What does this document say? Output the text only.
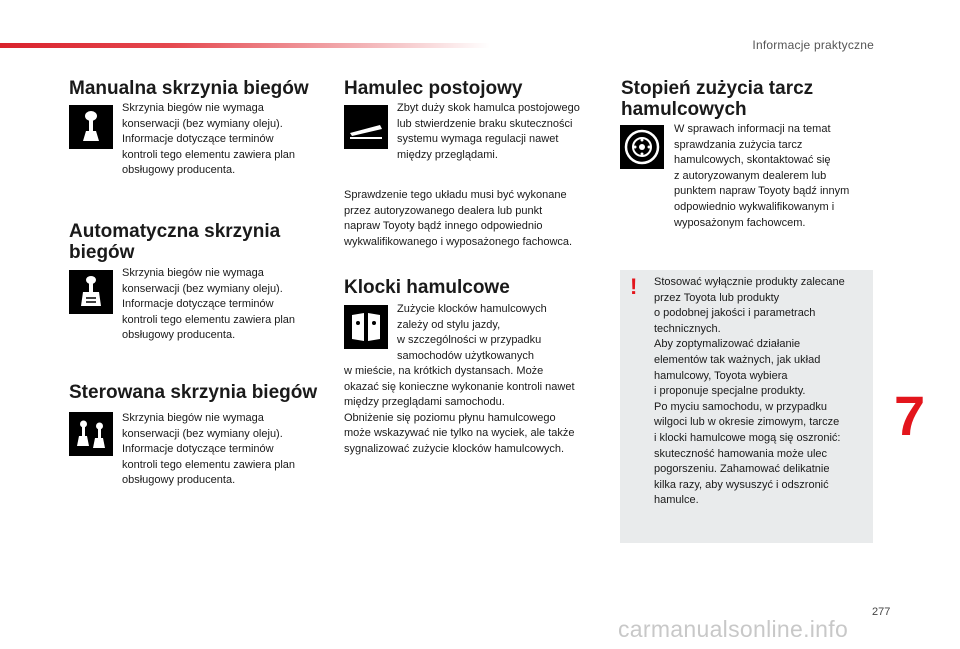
Informacje praktyczne
Manualna skrzynia biegów
Skrzynia biegów nie wymaga
konserwacji (bez wymiany oleju).
Informacje dotyczące terminów
kontroli tego elementu zawiera plan
obsługowy producenta.
Automatyczna skrzynia
biegów
Skrzynia biegów nie wymaga
konserwacji (bez wymiany oleju).
Informacje dotyczące terminów
kontroli tego elementu zawiera plan
obsługowy producenta.
Sterowana skrzynia biegów
Skrzynia biegów nie wymaga
konserwacji (bez wymiany oleju).
Informacje dotyczące terminów
kontroli tego elementu zawiera plan
obsługowy producenta.
Hamulec postojowy
Zbyt duży skok hamulca postojowego
lub stwierdzenie braku skuteczności
systemu wymaga regulacji nawet
między przeglądami.
Sprawdzenie tego układu musi być wykonane
przez autoryzowanego dealera lub punkt
napraw Toyoty bądź innego odpowiednio
wykwalifikowanego i wyposażonego fachowca.
Klocki hamulcowe
Zużycie klocków hamulcowych
zależy od stylu jazdy,
w szczególności w przypadku
samochodów użytkowanych
w mieście, na krótkich dystansach. Może
okazać się konieczne wykonanie kontroli nawet
między przeglądami samochodu.
Obniżenie się poziomu płynu hamulcowego
może wskazywać nie tylko na wyciek, ale także
sygnalizować zużycie klocków hamulcowych.
Stopień zużycia tarcz
hamulcowych
W sprawach informacji na temat
sprawdzania zużycia tarcz
hamulcowych, skontaktować się
z autoryzowanym dealerem lub
punktem napraw Toyoty bądź innym
odpowiednio wykwalifikowanym i
wyposażonym fachowcem.
! Stosować wyłącznie produkty zalecane
przez Toyota lub produkty
o podobnej jakości i parametrach
technicznych.
Aby zoptymalizować działanie
elementów tak ważnych, jak układ
hamulcowy, Toyota wybiera
i proponuje specjalne produkty.
Po myciu samochodu, w przypadku
wilgoci lub w okresie zimowym, tarcze
i klocki hamulcowe mogą się oszronić:
skuteczność hamowania może ulec
pogorszeniu. Zahamować delikatnie
kilka razy, aby wysuszyć i odszronić
hamulce.
7
277
carmanualsonline.info
